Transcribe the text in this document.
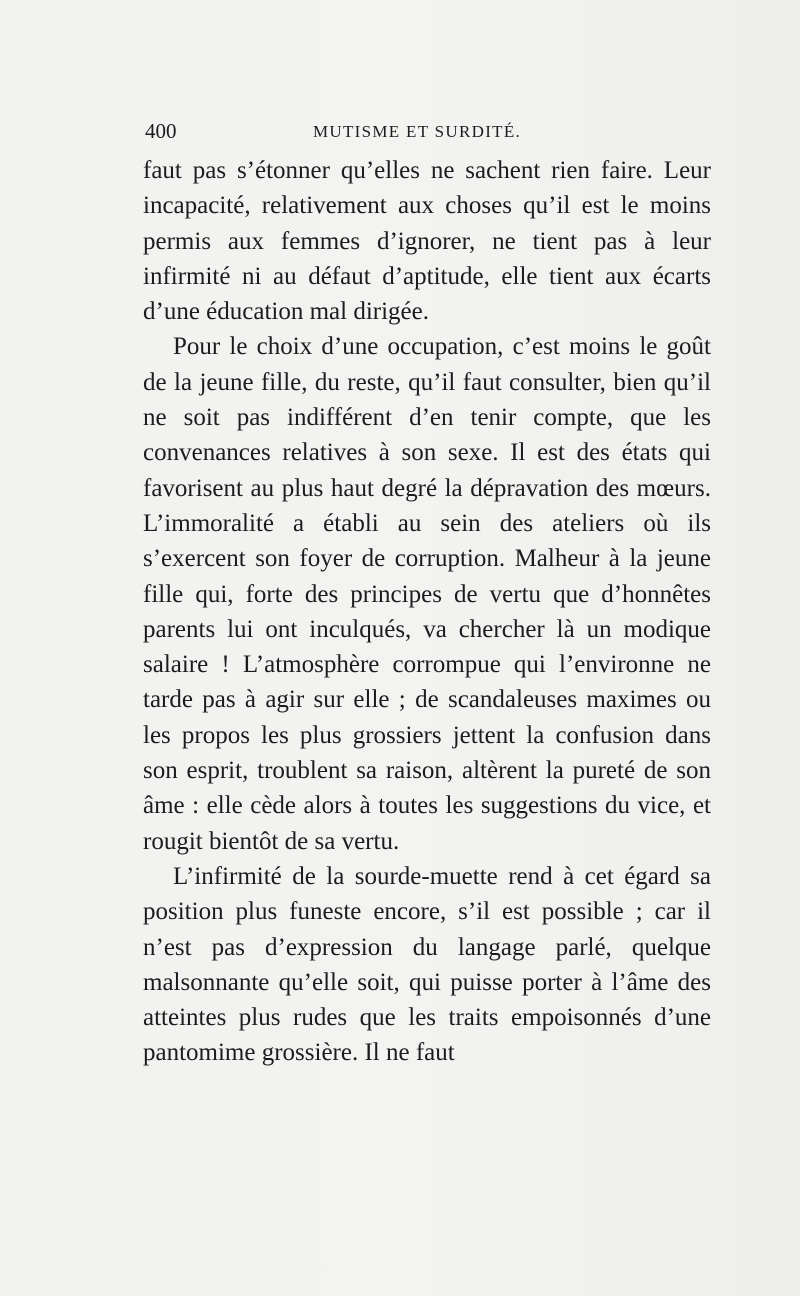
400	MUTISME ET SURDITÉ.

faut pas s’étonner qu’elles ne sachent rien faire. Leur incapacité, relativement aux choses qu’il est le moins permis aux femmes d’ignorer, ne tient pas à leur infirmité ni au défaut d’aptitude, elle tient aux écarts d’une éducation mal dirigée.

Pour le choix d’une occupation, c’est moins le goût de la jeune fille, du reste, qu’il faut consulter, bien qu’il ne soit pas indifférent d’en tenir compte, que les convenances relatives à son sexe. Il est des états qui favorisent au plus haut degré la dépravation des mœurs. L’immoralité a établi au sein des ateliers où ils s’exercent son foyer de corruption. Malheur à la jeune fille qui, forte des principes de vertu que d’honnêtes parents lui ont inculqués, va chercher là un modique salaire ! L’atmosphère corrompue qui l’environne ne tarde pas à agir sur elle ; de scandaleuses maximes ou les propos les plus grossiers jettent la confusion dans son esprit, troublent sa raison, altèrent la pureté de son âme : elle cède alors à toutes les suggestions du vice, et rougit bientôt de sa vertu.

L’infirmité de la sourde-muette rend à cet égard sa position plus funeste encore, s’il est possible ; car il n’est pas d’expression du langage parlé, quelque malsonnante qu’elle soit, qui puisse porter à l’âme des atteintes plus rudes que les traits empoisonnés d’une pantomime grossière. Il ne faut
